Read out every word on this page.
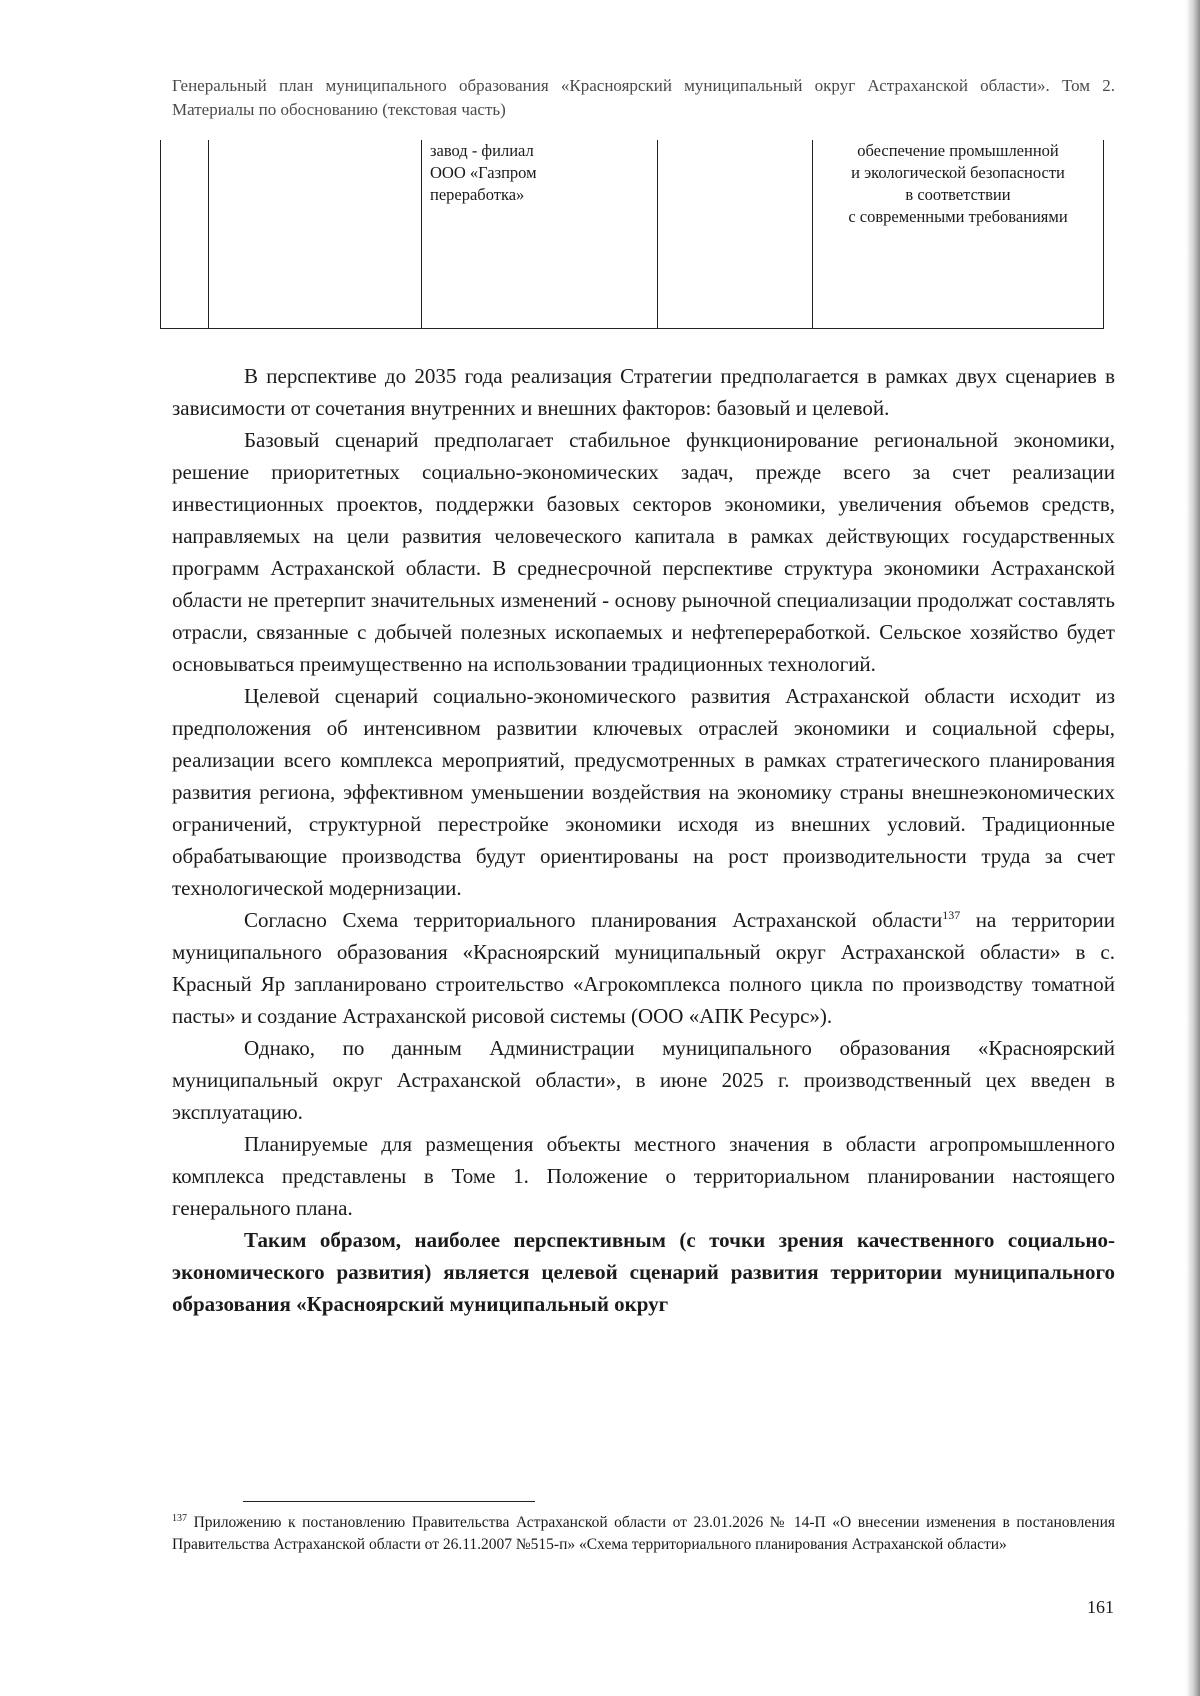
Генеральный план муниципального образования «Красноярский муниципальный округ Астраханской области». Том 2. Материалы по обоснованию (текстовая часть)
		завод - филиал
ООО «Газпром
переработка»		обеспечение промышленной
и экологической безопасности
в соответствии
с современными требованиями

В перспективе до 2035 года реализация Стратегии предполагается в рамках двух сценариев в зависимости от сочетания внутренних и внешних факторов: базовый и целевой.

Базовый сценарий предполагает стабильное функционирование региональной экономики, решение приоритетных социально-экономических задач, прежде всего за счет реализации инвестиционных проектов, поддержки базовых секторов экономики, увеличения объемов средств, направляемых на цели развития человеческого капитала в рамках действующих государственных программ Астраханской области. В среднесрочной перспективе структура экономики Астраханской области не претерпит значительных изменений - основу рыночной специализации продолжат составлять отрасли, связанные с добычей полезных ископаемых и нефтепереработкой. Сельское хозяйство будет основываться преимущественно на использовании традиционных технологий.

Целевой сценарий социально-экономического развития Астраханской области исходит из предположения об интенсивном развитии ключевых отраслей экономики и социальной сферы, реализации всего комплекса мероприятий, предусмотренных в рамках стратегического планирования развития региона, эффективном уменьшении воздействия на экономику страны внешнеэкономических ограничений, структурной перестройке экономики исходя из внешних условий. Традиционные обрабатывающие производства будут ориентированы на рост производительности труда за счет технологической модернизации.

Согласно Схема территориального планирования Астраханской области$^{137}$ на территории муниципального образования «Красноярский муниципальный округ Астраханской области» в с. Красный Яр запланировано строительство «Агрокомплекса полного цикла по производству томатной пасты» и создание Астраханской рисовой системы (ООО «АПК Ресурс»).

Однако, по данным Администрации муниципального образования «Красноярский муниципальный округ Астраханской области», в июне 2025 г. производственный цех введен в эксплуатацию.

Планируемые для размещения объекты местного значения в области агропромышленного комплекса представлены в Томе 1. Положение о территориальном планировании настоящего генерального плана.

Таким образом, наиболее перспективным (с точки зрения качественного социально-экономического развития) является целевой сценарий развития территории муниципального образования «Красноярский муниципальный округ

$^{137}$ Приложению к постановлению Правительства Астраханской области от 23.01.2026 № 14-П «О внесении изменения в постановления Правительства Астраханской области от 26.11.2007 №515-п» «Схема территориального планирования Астраханской области»
161
